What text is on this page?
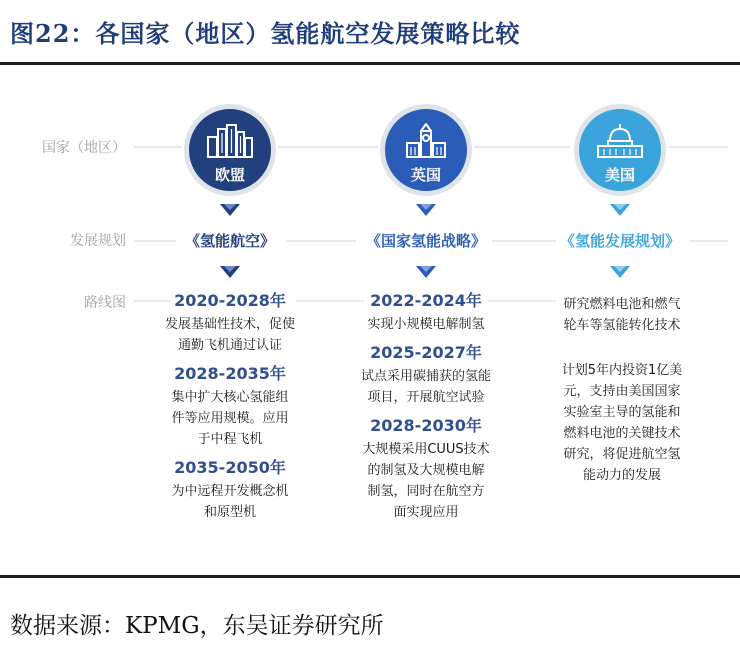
图22：各国家（地区）氢能航空发展策略比较
国家（地区）
发展规划
路线图
欧盟
《氢能航空》
2020-2028年
发展基础性技术，促使
通勤飞机通过认证
2028-2035年
集中扩大核心氢能组
件等应用规模。应用
于中程飞机
2035-2050年
为中远程开发概念机
和原型机
英国
《国家氢能战略》
2022-2024年
实现小规模电解制氢
2025-2027年
试点采用碳捕获的氢能
项目，开展航空试验
2028-2030年
大规模采用CUUS技术
的制氢及大规模电解
制氢，同时在航空方
面实现应用
美国
《氢能发展规划》
研究燃料电池和燃气
轮车等氢能转化技术
计划5年内投资1亿美
元，支持由美国国家
实验室主导的氢能和
燃料电池的关键技术
研究，将促进航空氢
能动力的发展
数据来源：KPMG，东吴证券研究所
